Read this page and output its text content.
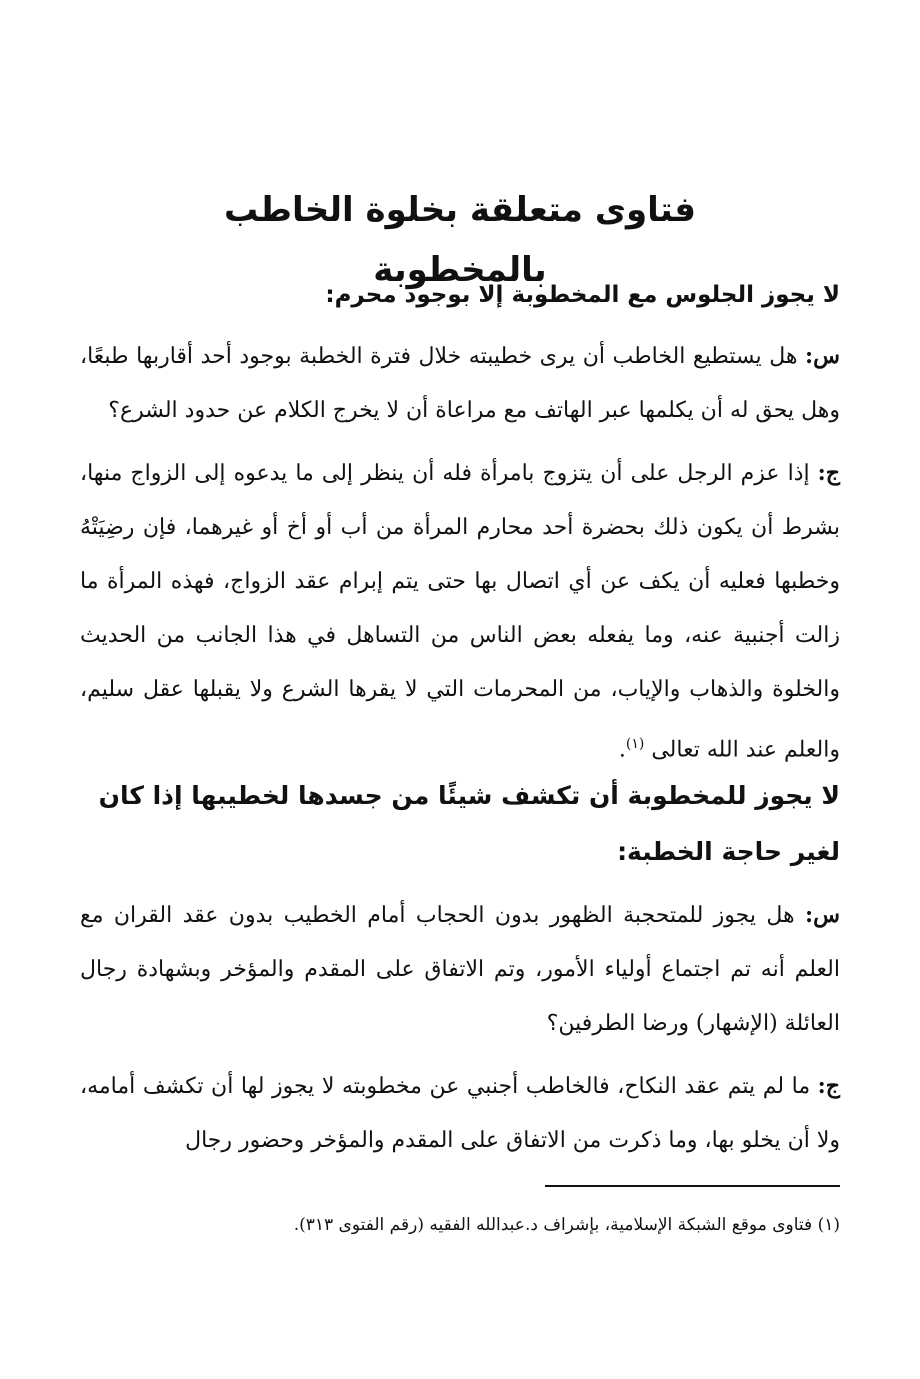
فتاوى متعلقة بخلوة الخاطب بالمخطوبة
لا يجوز الجلوس مع المخطوبة إلا بوجود محرم:
س: هل يستطيع الخاطب أن يرى خطيبته خلال فترة الخطبة بوجود أحد أقاربها طبعًا، وهل يحق له أن يكلمها عبر الهاتف مع مراعاة أن لا يخرج الكلام عن حدود الشرع؟
ج: إذا عزم الرجل على أن يتزوج بامرأة فله أن ينظر إلى ما يدعوه إلى الزواج منها، بشرط أن يكون ذلك بحضرة أحد محارم المرأة من أب أو أخ أو غيرهما، فإن رضِيَتْهُ وخطبها فعليه أن يكف عن أي اتصال بها حتى يتم إبرام عقد الزواج، فهذه المرأة ما زالت أجنبية عنه، وما يفعله بعض الناس من التساهل في هذا الجانب من الحديث والخلوة والذهاب والإياب، من المحرمات التي لا يقرها الشرع ولا يقبلها عقل سليم، والعلم عند الله تعالى $^{(١)}$.
لا يجوز للمخطوبة أن تكشف شيئًا من جسدها لخطيبها إذا كان لغير حاجة الخطبة:
س: هل يجوز للمتحجبة الظهور بدون الحجاب أمام الخطيب بدون عقد القران مع العلم أنه تم اجتماع أولياء الأمور، وتم الاتفاق على المقدم والمؤخر وبشهادة رجال العائلة (الإشهار) ورضا الطرفين؟
ج: ما لم يتم عقد النكاح، فالخاطب أجنبي عن مخطوبته لا يجوز لها أن تكشف أمامه، ولا أن يخلو بها، وما ذكرت من الاتفاق على المقدم والمؤخر وحضور رجال
(١) فتاوى موقع الشبكة الإسلامية، بإشراف د.عبدالله الفقيه (رقم الفتوى ٣١٣).
